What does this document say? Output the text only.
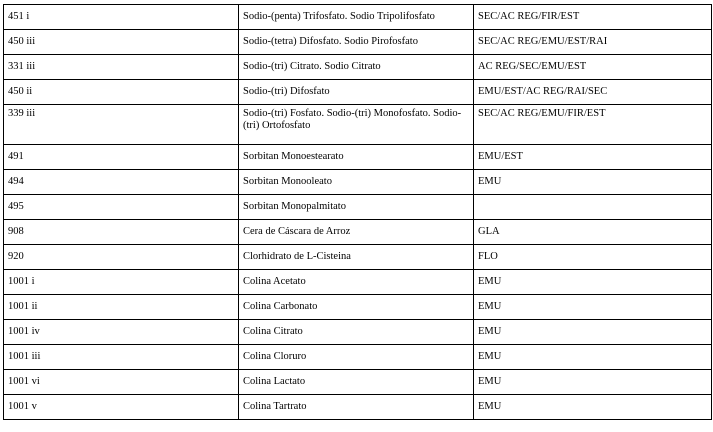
451 i	Sodio-(penta) Trifosfato. Sodio Tripolifosfato	SEC/AC REG/FIR/EST
450 iii	Sodio-(tetra) Difosfato. Sodio Pirofosfato	SEC/AC REG/EMU/EST/RAI
331 iii	Sodio-(tri) Citrato. Sodio Citrato	AC REG/SEC/EMU/EST
450 ii	Sodio-(tri) Difosfato	EMU/EST/AC REG/RAI/SEC
339 iii	Sodio-(tri) Fosfato. Sodio-(tri) Monofosfato. Sodio-(tri) Ortofosfato	SEC/AC REG/EMU/FIR/EST
491	Sorbitan Monoestearato	EMU/EST
494	Sorbitan Monooleato	EMU
495	Sorbitan Monopalmitato	
908	Cera de Cáscara de Arroz	GLA
920	Clorhidrato de L-Cisteina	FLO
1001 i	Colina Acetato	EMU
1001 ii	Colina Carbonato	EMU
1001 iv	Colina Citrato	EMU
1001 iii	Colina Cloruro	EMU
1001 vi	Colina Lactato	EMU
1001 v	Colina Tartrato	EMU
